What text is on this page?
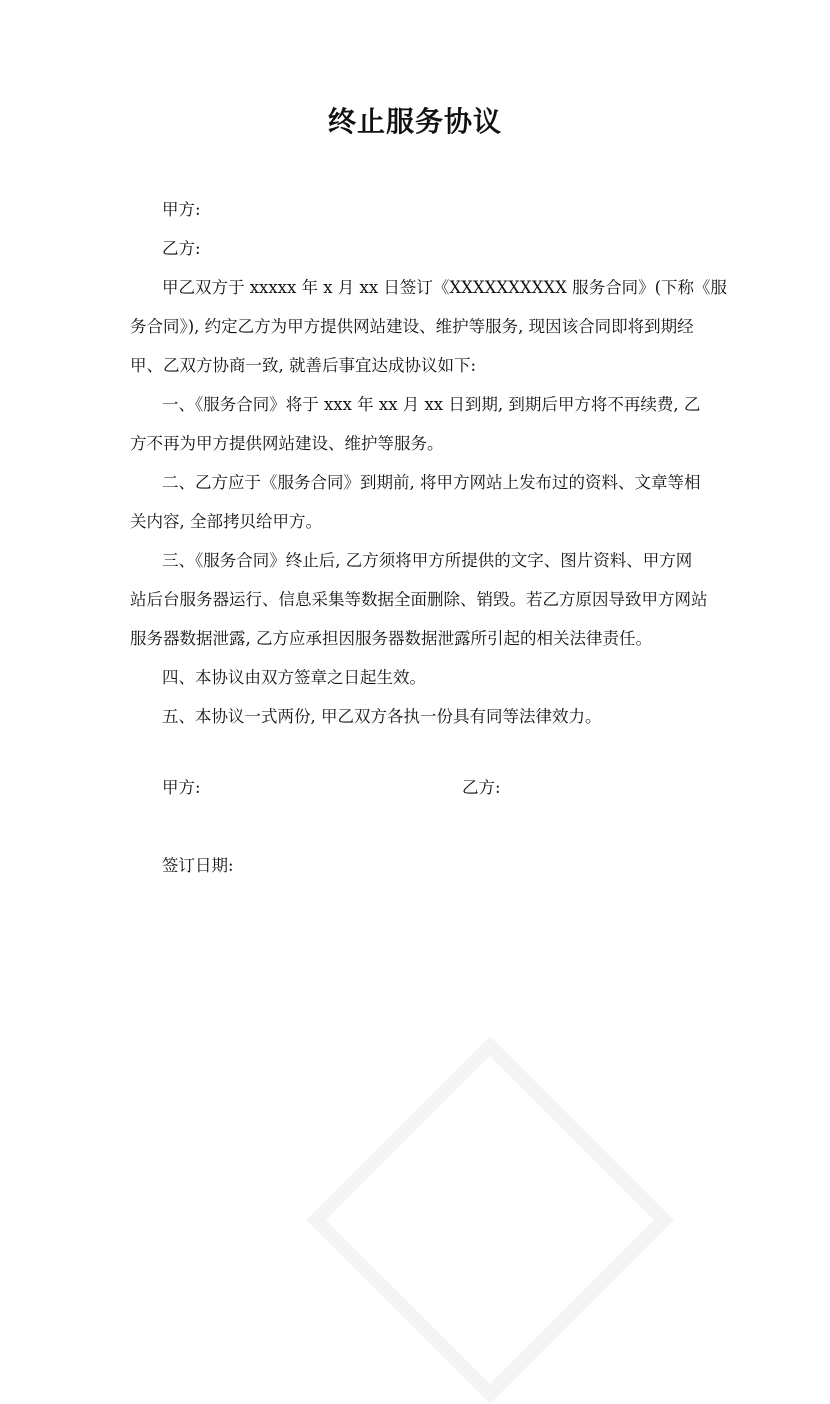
终止服务协议

甲方:

乙方:

甲乙双方于 xxxxx 年 x 月 xx 日签订《XXXXXXXXXX 服务合同》(下称《服
务合同》), 约定乙方为甲方提供网站建设、维护等服务, 现因该合同即将到期经
甲、乙双方协商一致, 就善后事宜达成协议如下:

一、《服务合同》将于 xxx 年 xx 月 xx 日到期, 到期后甲方将不再续费, 乙
方不再为甲方提供网站建设、维护等服务。

二、乙方应于《服务合同》到期前, 将甲方网站上发布过的资料、文章等相
关内容, 全部拷贝给甲方。

三、《服务合同》终止后, 乙方须将甲方所提供的文字、图片资料、甲方网
站后台服务器运行、信息采集等数据全面删除、销毁。若乙方原因导致甲方网站
服务器数据泄露, 乙方应承担因服务器数据泄露所引起的相关法律责任。

四、本协议由双方签章之日起生效。

五、本协议一式两份, 甲乙双方各执一份具有同等法律效力。

甲方:	乙方:
签订日期:
